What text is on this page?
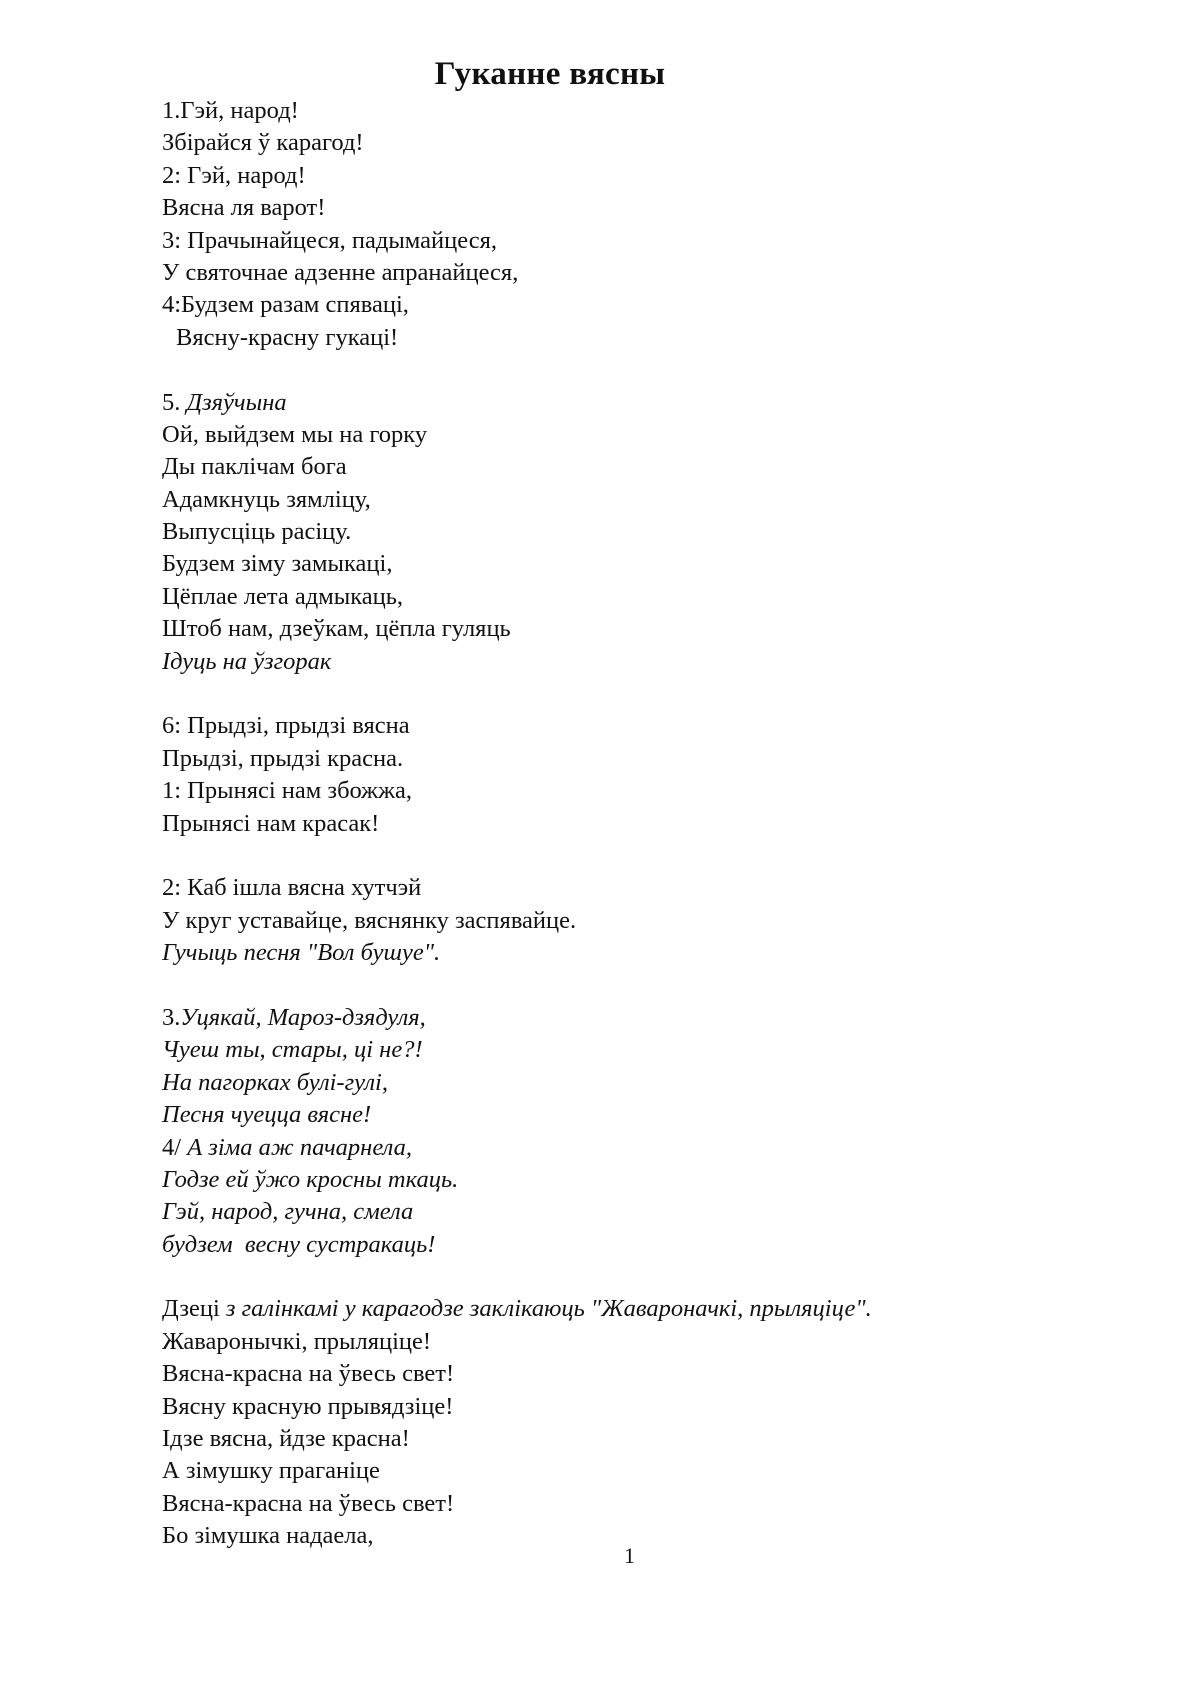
Гуканне вясны
1.Гэй, народ!
Збірайся ў карагод!
2: Гэй, народ!
Вясна ля варот!
3: Прачынайцеся, падымайцеся,
У святочнае адзенне апранайцеся,
4:Будзем разам спяваці,
Вясну-красну гукаці!
5. Дзяўчына
Ой, выйдзем мы на горку
Ды паклічам бога
Адамкнуць зямліцу,
Выпусціць расіцу.
Будзем зіму замыкаці,
Цёплае лета адмыкаць,
Штоб нам, дзеўкам, цёпла гуляць
Ідуць на ўзгорак
6: Прыдзі, прыдзі вясна
Прыдзі, прыдзі красна.
1: Прынясі нам збожжа,
Прынясі нам красак!
2: Каб ішла вясна хутчэй
У круг уставайце, вяснянку заспявайце.
Гучыць песня "Вол бушуе".
3.Уцякай, Мароз-дзядуля,
Чуеш ты, стары, ці не?!
На пагорках булі-гулі,
Песня чуецца вясне!
4/ А зіма аж пачарнела,
Годзе ей ўжо кросны ткаць.
Гэй, народ, гучна, смела
будзем  весну сустракаць!
Дзеці з галінкамі у карагодзе заклікаюць "Жавароначкі, прыляціце".
Жаваронычкі, прыляціце!
Вясна-красна на ўвесь свет!
Вясну красную прывядзіце!
Ідзе вясна, йдзе красна!
А зімушку праганіце
Вясна-красна на ўвесь свет!
Бо зімушка надаела,
1
